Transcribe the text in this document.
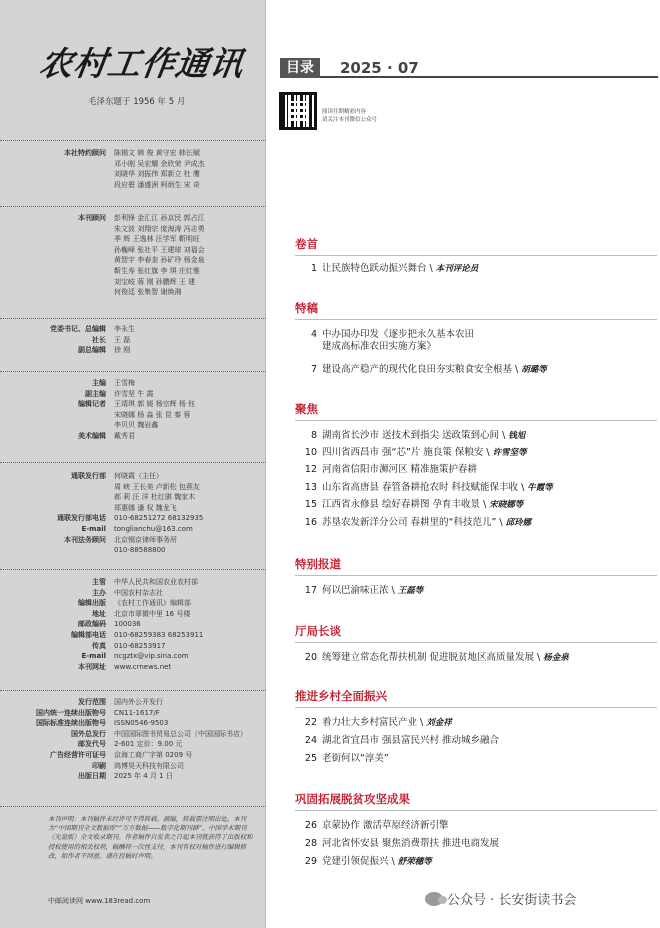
农村工作通讯
毛泽东题于 1956 年 5 月
本社特约顾问 陈锡文 韩 俊 黄守宏 韩长赋
邓小刚 吴宏耀 余欣荣 尹成杰
刘晓华 刘振伟 郑新立 杜 鹰
段应碧 潘盛洲 柯炳生 宋 奇
本刊顾问 彭利锋 金汇江 孙京民 郭占江
朱文波 刘翔宗 庞海涛 冯志勇
季 辉 王逸林 汪学军 靳明旺
孙巍峰 张社平 王建球 刘福会
黄智宇 李春奎 孙矿玲 杨金泉
靳生寿 张红旗 李 琪 庄红雅
刘宝岐 蒋 刚 孙鹏辉 王 建
何俊廷 张集智 谢焕湘
党委书记、总编辑 李永生
社长 王 磊
副总编辑 徐 刚
主编 王雪梅
副主编 许雪坚 牛 霞
编辑记者 王靖琪 郭 媛 杨宗辉 杨 钰
宋晓娜 杨 淼 张 昆 秦 蓉
李贝贝 魏岩鑫
美术编辑 戴秀君
通联发行部 何晓霞（主任）
周 峡 王长美 卢新松 包燕友
郝 莉 汪 洋 杜红骐 魏家木
郑惠娜 潘 权 魏龙飞
通联发行部电话 010-68251272 68132935
E-mail tonglianchu@163.com
本刊法务顾问 北京锡京律师事务所
010-88588800
主管 中华人民共和国农业农村部
主办 中国农村杂志社
编辑出版 《农村工作通讯》编辑部
地址 北京市翠微中里 16 号楼
邮政编码 100036
编辑部电话 010-68259383 68253911
传真 010-68253917
E-mail ncgztx@vip.sina.com
本刊网址 www.crnews.net
发行范围 国内外公开发行
国内统一连续出版物号 CN11-1617/F
国际标准连续出版物号 ISSN0546-9503
国外总发行 中国国际图书贸易总公司（中国国际书店）
邮发代号 2-601 定价：9.00 元
广告经营许可证号 京海工商广字第 0209 号
印刷 鸿博昊天科技有限公司
出版日期 2025 年 4 月 1 日
本刊声明：本刊稿件未经许可不得转载、摘编，转载需注明出处。本刊为“中国期刊全文数据库”“万方数据——数字化期刊群”、中国学术期刊（光盘版）全文收录期刊。作者稿件自发表之日起本刊就获得了出版权和授权使用的相关权利，稿酬将一次性支付，本刊有权对稿件进行编辑修改，如作者不同意，请在投稿时声明。
中邮阅读网 www.183read.com
目录	2025 · 07
阅读往期精彩内容
请关注本刊微信公众号
卷首
1 让民族特色跃动振兴舞台 \ 本刊评论员
特稿
4 中办国办印发《逐步把永久基本农田
建成高标准农田实施方案》
7 建设高产稳产的现代化良田夯实粮食安全根基 \ 胡璐等
聚焦
8 湖南省长沙市 送技术到指尖 送政策到心间 \ 钱旭
10 四川省西昌市 强“芯”片 施良策 保粮安 \ 许雪坚等
12 河南省信阳市浉河区 精准施策护春耕
13 山东省高唐县 春管备耕抢农时 科技赋能保丰收 \ 牛霞等
15 江西省永修县 绘好春耕图 孕育丰收景 \ 宋晓娜等
16 苏垦农发新洋分公司 春耕里的“科技范儿” \ 邱玲娜
特别报道
17 何以巴渝味正浓 \ 王磊等
厅局长谈
20 统筹建立常态化帮扶机制 促进脱贫地区高质量发展 \ 杨金泉
推进乡村全面振兴
22 着力壮大乡村富民产业 \ 刘金祥
24 湖北省宜昌市 强县富民兴村 推动城乡融合
25 老街何以“淳美”
巩固拓展脱贫攻坚成果
26 京蒙协作 激活草原经济新引擎
28 河北省怀安县 聚焦消费帮扶 推进电商发展
29 党建引领促振兴 \ 舒荣穗等
公众号 · 长安街读书会
